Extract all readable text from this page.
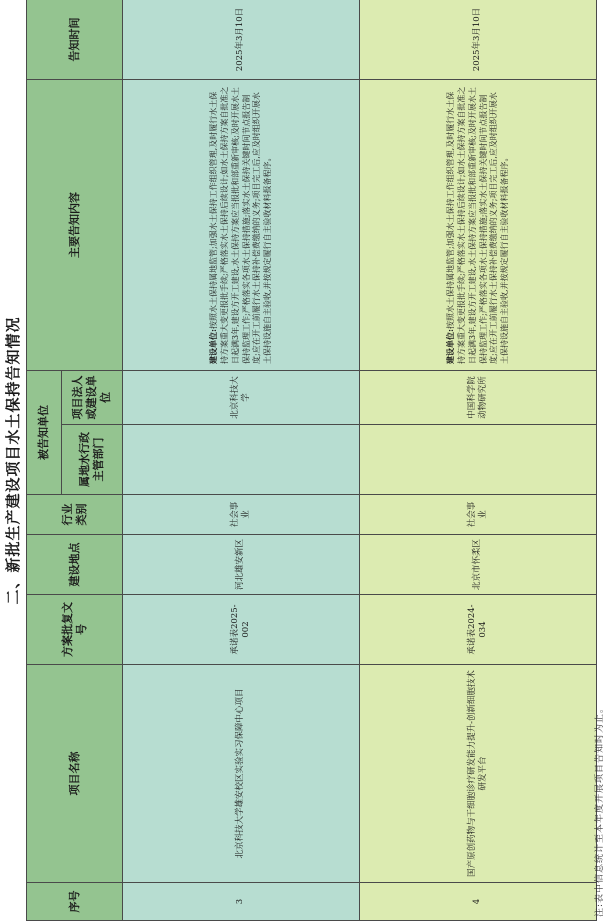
二、新批生产建设项目水土保持告知情况
序号	项目名称	方案批复文号	建设地点	行业类别	被告知单位		主要告知内容	告知时间
					属地水行政主管部门	项目法人或建设单位		
3	北京科技大学雄安校区实验实习保障中心项目	承诺表2025-002	河北雄安新区	社会事业		北京科技大学	建设单位:按照水土保持属地监管;加强水土保持工作组织管理,及时履行水土保持方案重大变更报批手续;严格落实水土保持后续设计;如水土保持方案自批准之日起满3年,建设方开工建设,水土保持方案应当报批和部重新审核;及时开展水土保持监理工作;严格落实各项水土保持措施;落实水土保持关键时间节点报告制度;应在开工前履行水土保持补偿费缴纳的义务;项目完工后,应及时组织开展水土保持设施自主验收,并按规定履行自主验收材料报备程序。	2025年3月10日
4	国产原创药物与干细胞诊疗研发能力提升-创新细胞技术研发平台	承诺表2024-034	北京市怀柔区	社会事业		中国科学院动物研究所	建设单位:按照水土保持属地监管;加强水土保持工作组织管理,及时履行水土保持方案重大变更报批手续;严格落实水土保持后续设计;如水土保持方案自批准之日起满3年,建设方开工建设,水土保持方案应当报批和部重新审核;及时开展水土保持监理工作;严格落实各项水土保持措施;落实水土保持关键时间节点报告制度;应在开工前履行水土保持补偿费缴纳的义务;项目完工后,应及时组织开展水土保持设施自主验收,并按规定履行自主验收材料报备程序。	2025年3月10日
注:表中信息统计至本年度开展项目告知时为止。
